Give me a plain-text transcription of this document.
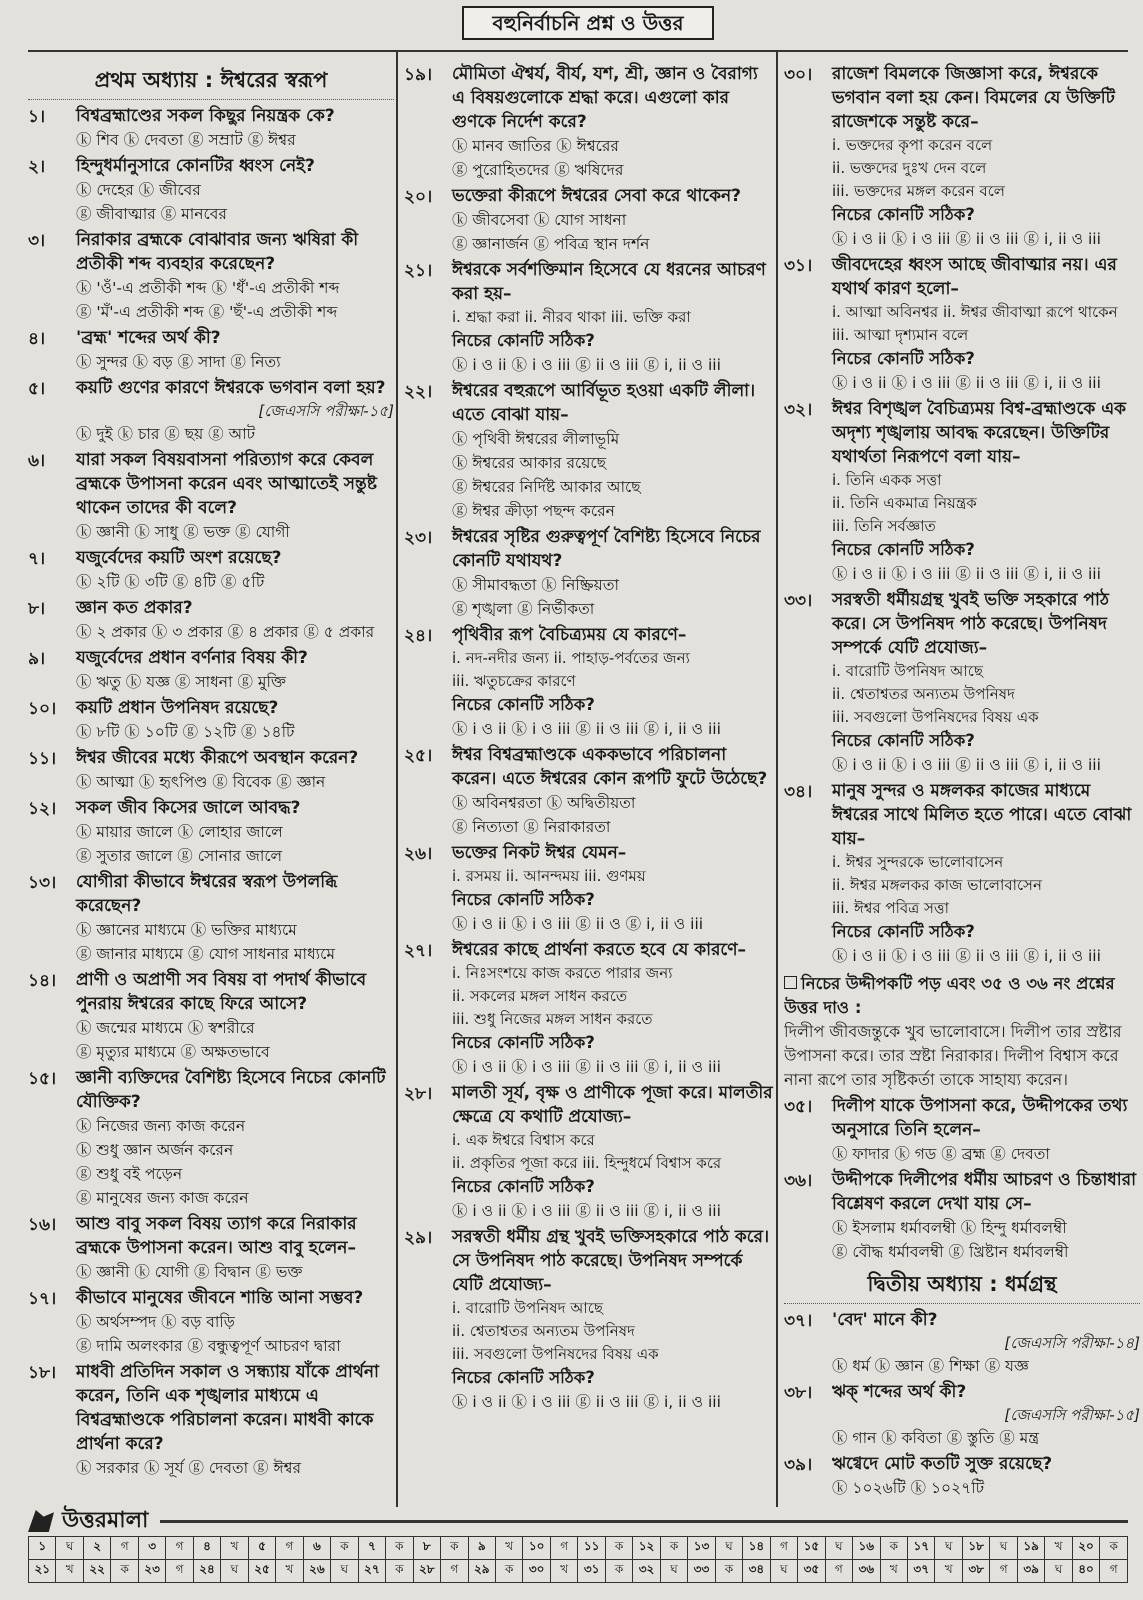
বহুনির্বাচনি প্রশ্ন ও উত্তর
প্রথম অধ্যায় : ঈশ্বরের স্বরূপ
১।	বিশ্বব্রহ্মাণ্ডের সকল কিছুর নিয়ন্ত্রক কে?
ⓚ শিব ⓚ দেবতা ⓖ সম্রাট ⓖ ঈশ্বর
২।	হিন্দুধর্মানুসারে কোনটির ধ্বংস নেই?
ⓚ দেহের ⓚ জীবের
ⓖ জীবাত্মার ⓖ মানবের
৩।	নিরাকার ব্রহ্মকে বোঝাবার জন্য ঋষিরা কী প্রতীকী শব্দ ব্যবহার করেছেন?
ⓚ 'ওঁ'-এ প্রতীকী শব্দ ⓚ 'ধঁ'-এ প্রতীকী শব্দ
ⓖ 'মঁ'-এ প্রতীকী শব্দ ⓖ 'ছঁ'-এ প্রতীকী শব্দ
৪।	'ব্রহ্ম' শব্দের অর্থ কী?
ⓚ সুন্দর ⓚ বড় ⓖ সাদা ⓖ নিত্য
৫।	কয়টি গুণের কারণে ঈশ্বরকে ভগবান বলা হয়?
[জেএসসি পরীক্ষা-১৫]
ⓚ দুই ⓚ চার ⓖ ছয় ⓖ আট
৬।	যারা সকল বিষয়বাসনা পরিত্যাগ করে কেবল ব্রহ্মকে উপাসনা করেন এবং আত্মাতেই সন্তুষ্ট থাকেন তাদের কী বলে?
ⓚ জ্ঞানী ⓚ সাধু ⓖ ভক্ত ⓖ যোগী
৭।	যজুর্বেদের কয়টি অংশ রয়েছে?
ⓚ ২টি ⓚ ৩টি ⓖ ৪টি ⓖ ৫টি
৮।	জ্ঞান কত প্রকার?
ⓚ ২ প্রকার ⓚ ৩ প্রকার ⓖ ৪ প্রকার ⓖ ৫ প্রকার
৯।	যজুর্বেদের প্রধান বর্ণনার বিষয় কী?
ⓚ ঋতু ⓚ যজ্ঞ ⓖ সাধনা ⓖ মুক্তি
১০।	কয়টি প্রধান উপনিষদ রয়েছে?
ⓚ ৮টি ⓚ ১০টি ⓖ ১২টি ⓖ ১৪টি
১১।	ঈশ্বর জীবের মধ্যে কীরূপে অবস্থান করেন?
ⓚ আত্মা ⓚ হৃৎপিণ্ড ⓖ বিবেক ⓖ জ্ঞান
১২।	সকল জীব কিসের জালে আবদ্ধ?
ⓚ মায়ার জালে ⓚ লোহার জালে
ⓖ সুতার জালে ⓖ সোনার জালে
১৩।	যোগীরা কীভাবে ঈশ্বরের স্বরূপ উপলব্ধি করেছেন?
ⓚ জ্ঞানের মাধ্যমে ⓚ ভক্তির মাধ্যমে
ⓖ জানার মাধ্যমে ⓖ যোগ সাধনার মাধ্যমে
১৪।	প্রাণী ও অপ্রাণী সব বিষয় বা পদার্থ কীভাবে পুনরায় ঈশ্বরের কাছে ফিরে আসে?
ⓚ জন্মের মাধ্যমে ⓚ স্বশরীরে
ⓖ মৃত্যুর মাধ্যমে ⓖ অক্ষতভাবে
১৫।	জ্ঞানী ব্যক্তিদের বৈশিষ্ট্য হিসেবে নিচের কোনটি যৌক্তিক?
ⓚ নিজের জন্য কাজ করেন
ⓚ শুধু জ্ঞান অর্জন করেন
ⓖ শুধু বই পড়েন
ⓖ মানুষের জন্য কাজ করেন
১৬।	আশু বাবু সকল বিষয় ত্যাগ করে নিরাকার ব্রহ্মকে উপাসনা করেন। আশু বাবু হলেন–
ⓚ জ্ঞানী ⓚ যোগী ⓖ বিদ্বান ⓖ ভক্ত
১৭।	কীভাবে মানুষের জীবনে শান্তি আনা সম্ভব?
ⓚ অর্থসম্পদ ⓚ বড় বাড়ি
ⓖ দামি অলংকার ⓖ বন্ধুত্বপূর্ণ আচরণ দ্বারা
১৮।	মাধবী প্রতিদিন সকাল ও সন্ধ্যায় যাঁকে প্রার্থনা করেন, তিনি এক শৃঙ্খলার মাধ্যমে এ বিশ্বব্রহ্মাণ্ডকে পরিচালনা করেন। মাধবী কাকে প্রার্থনা করে?
ⓚ সরকার ⓚ সূর্য ⓖ দেবতা ⓖ ঈশ্বর
১৯।	মৌমিতা ঐশ্বর্য, বীর্য, যশ, শ্রী, জ্ঞান ও বৈরাগ্য এ বিষয়গুলোকে শ্রদ্ধা করে। এগুলো কার গুণকে নির্দেশ করে?
ⓚ মানব জাতির ⓚ ঈশ্বরের
ⓖ পুরোহিতদের ⓖ ঋষিদের
২০।	ভক্তেরা কীরূপে ঈশ্বরের সেবা করে থাকেন?
ⓚ জীবসেবা ⓚ যোগ সাধনা
ⓖ জ্ঞানার্জন ⓖ পবিত্র স্থান দর্শন
২১।	ঈশ্বরকে সর্বশক্তিমান হিসেবে যে ধরনের আচরণ করা হয়–
i. শ্রদ্ধা করা ii. নীরব থাকা iii. ভক্তি করা
নিচের কোনটি সঠিক?
ⓚ i ও ii ⓚ i ও iii ⓖ ii ও iii ⓖ i, ii ও iii
২২।	ঈশ্বরের বহুরূপে আর্বিভূত হওয়া একটি লীলা। এতে বোঝা যায়–
ⓚ পৃথিবী ঈশ্বরের লীলাভূমি
ⓚ ঈশ্বরের আকার রয়েছে
ⓖ ঈশ্বরের নির্দিষ্ট আকার আছে
ⓖ ঈশ্বর ক্রীড়া পছন্দ করেন
২৩।	ঈশ্বরের সৃষ্টির গুরুত্বপূর্ণ বৈশিষ্ট্য হিসেবে নিচের কোনটি যথাযথ?
ⓚ সীমাবদ্ধতা ⓚ নিষ্ক্রিয়তা
ⓖ শৃঙ্খলা ⓖ নির্ভীকতা
২৪।	পৃথিবীর রূপ বৈচিত্র্যময় যে কারণে–
i. নদ-নদীর জন্য ii. পাহাড়-পর্বতের জন্য
iii. ঋতুচক্রের কারণে
নিচের কোনটি সঠিক?
ⓚ i ও ii ⓚ i ও iii ⓖ ii ও iii ⓖ i, ii ও iii
২৫।	ঈশ্বর বিশ্বব্রহ্মাণ্ডকে এককভাবে পরিচালনা করেন। এতে ঈশ্বরের কোন রূপটি ফুটে উঠেছে?
ⓚ অবিনশ্বরতা ⓚ অদ্বিতীয়তা
ⓖ নিত্যতা ⓖ নিরাকারতা
২৬।	ভক্তের নিকট ঈশ্বর যেমন–
i. রসময় ii. আনন্দময় iii. গুণময়
নিচের কোনটি সঠিক?
ⓚ i ও ii ⓚ i ও iii ⓖ ii ও ⓖ i, ii ও iii
২৭।	ঈশ্বরের কাছে প্রার্থনা করতে হবে যে কারণে–
i. নিঃসংশয়ে কাজ করতে পারার জন্য
ii. সকলের মঙ্গল সাধন করতে
iii. শুধু নিজের মঙ্গল সাধন করতে
নিচের কোনটি সঠিক?
ⓚ i ও ii ⓚ i ও iii ⓖ ii ও iii ⓖ i, ii ও iii
২৮।	মালতী সূর্য, বৃক্ষ ও প্রাণীকে পূজা করে। মালতীর ক্ষেত্রে যে কথাটি প্রযোজ্য–
i. এক ঈশ্বরে বিশ্বাস করে
ii. প্রকৃতির পূজা করে iii. হিন্দুধর্মে বিশ্বাস করে
নিচের কোনটি সঠিক?
ⓚ i ও ii ⓚ i ও iii ⓖ ii ও iii ⓖ i, ii ও iii
২৯।	সরস্বতী ধর্মীয় গ্রন্থ খুবই ভক্তিসহকারে পাঠ করে। সে উপনিষদ পাঠ করেছে। উপনিষদ সম্পর্কে যেটি প্রযোজ্য–
i. বারোটি উপনিষদ আছে
ii. শ্বেতাশ্বতর অন্যতম উপনিষদ
iii. সবগুলো উপনিষদের বিষয় এক
নিচের কোনটি সঠিক?
ⓚ i ও ii ⓚ i ও iii ⓖ ii ও iii ⓖ i, ii ও iii
৩০।	রাজেশ বিমলকে জিজ্ঞাসা করে, ঈশ্বরকে ভগবান বলা হয় কেন। বিমলের যে উক্তিটি রাজেশকে সন্তুষ্ট করে–
i. ভক্তদের কৃপা করেন বলে
ii. ভক্তদের দুঃখ দেন বলে
iii. ভক্তদের মঙ্গল করেন বলে
নিচের কোনটি সঠিক?
ⓚ i ও ii ⓚ i ও iii ⓖ ii ও iii ⓖ i, ii ও iii
৩১।	জীবদেহের ধ্বংস আছে জীবাত্মার নয়। এর যথার্থ কারণ হলো–
i. আত্মা অবিনশ্বর ii. ঈশ্বর জীবাত্মা রূপে থাকেন
iii. আত্মা দৃশ্যমান বলে
নিচের কোনটি সঠিক?
ⓚ i ও ii ⓚ i ও iii ⓖ ii ও iii ⓖ i, ii ও iii
৩২।	ঈশ্বর বিশৃঙ্খল বৈচিত্র্যময় বিশ্ব-ব্রহ্মাণ্ডকে এক অদৃশ্য শৃঙ্খলায় আবদ্ধ করেছেন। উক্তিটির যথার্থতা নিরূপণে বলা যায়–
i. তিনি একক সত্তা
ii. তিনি একমাত্র নিয়ন্ত্রক
iii. তিনি সর্বজ্ঞাত
নিচের কোনটি সঠিক?
ⓚ i ও ii ⓚ i ও iii ⓖ ii ও iii ⓖ i, ii ও iii
৩৩।	সরস্বতী ধর্মীয়গ্রন্থ খুবই ভক্তি সহকারে পাঠ করে। সে উপনিষদ পাঠ করেছে। উপনিষদ সম্পর্কে যেটি প্রযোজ্য–
i. বারোটি উপনিষদ আছে
ii. শ্বেতাশ্বতর অন্যতম উপনিষদ
iii. সবগুলো উপনিষদের বিষয় এক
নিচের কোনটি সঠিক?
ⓚ i ও ii ⓚ i ও iii ⓖ ii ও iii ⓖ i, ii ও iii
৩৪।	মানুষ সুন্দর ও মঙ্গলকর কাজের মাধ্যমে ঈশ্বরের সাথে মিলিত হতে পারে। এতে বোঝা যায়–
i. ঈশ্বর সুন্দরকে ভালোবাসেন
ii. ঈশ্বর মঙ্গলকর কাজ ভালোবাসেন
iii. ঈশ্বর পবিত্র সত্তা
নিচের কোনটি সঠিক?
ⓚ i ও ii ⓚ i ও iii ⓖ ii ও iii ⓖ i, ii ও iii
নিচের উদ্দীপকটি পড় এবং ৩৫ ও ৩৬ নং প্রশ্নের উত্তর দাও :
দিলীপ জীবজন্তুকে খুব ভালোবাসে। দিলীপ তার স্রষ্টার উপাসনা করে। তার স্রষ্টা নিরাকার। দিলীপ বিশ্বাস করে নানা রূপে তার সৃষ্টিকর্তা তাকে সাহায্য করেন।
৩৫।	দিলীপ যাকে উপাসনা করে, উদ্দীপকের তথ্য অনুসারে তিনি হলেন–
ⓚ ফাদার ⓚ গড ⓖ ব্রহ্ম ⓖ দেবতা
৩৬।	উদ্দীপকে দিলীপের ধর্মীয় আচরণ ও চিন্তাধারা বিশ্লেষণ করলে দেখা যায় সে–
ⓚ ইসলাম ধর্মাবলম্বী ⓚ হিন্দু ধর্মাবলম্বী
ⓖ বৌদ্ধ ধর্মাবলম্বী ⓖ খ্রিষ্টান ধর্মাবলম্বী
দ্বিতীয় অধ্যায় : ধর্মগ্রন্থ
৩৭।	'বেদ' মানে কী?
[জেএসসি পরীক্ষা-১৪]
ⓚ ধর্ম ⓚ জ্ঞান ⓖ শিক্ষা ⓖ যজ্ঞ
৩৮।	ঋক্ শব্দের অর্থ কী?
[জেএসসি পরীক্ষা-১৫]
ⓚ গান ⓚ কবিতা ⓖ স্তুতি ⓖ মন্ত্র
৩৯।	ঋগ্বেদে মোট কতটি সুক্ত রয়েছে?
ⓚ ১০২৬টি ⓚ ১০২৭টি
উত্তরমালা
১	ঘ	২	গ	৩	গ	৪	খ	৫	গ	৬	ক	৭	ক	৮	ক	৯	খ	১০	গ	১১	ক	১২	ক	১৩	ঘ	১৪	গ	১৫	ঘ	১৬	ক	১৭	ঘ	১৮	ঘ	১৯	খ	২০	ক
২১	খ	২২	ক	২৩	গ	২৪	ঘ	২৫	খ	২৬	ঘ	২৭	ক	২৮	গ	২৯	ক	৩০	খ	৩১	ক	৩২	ঘ	৩৩	ক	৩৪	ঘ	৩৫	গ	৩৬	খ	৩৭	খ	৩৮	গ	৩৯	ঘ	৪০	গ
